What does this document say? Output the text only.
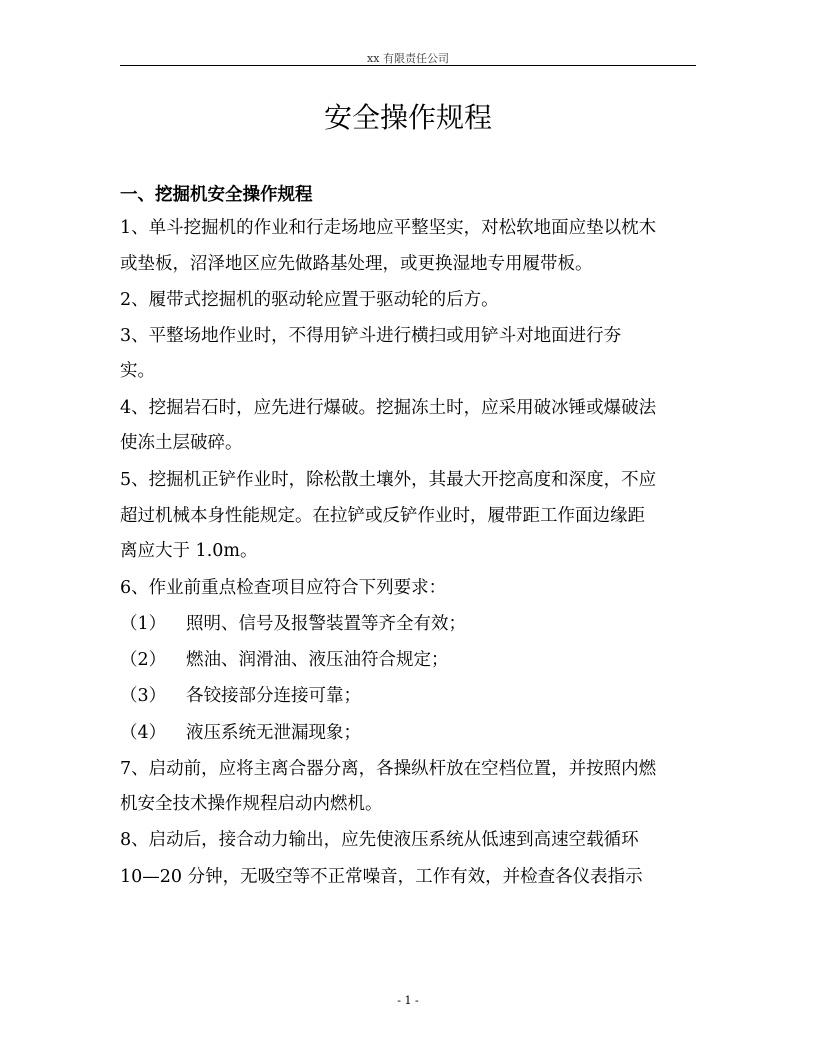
xx 有限责任公司
安全操作规程
一、挖掘机安全操作规程
1、单斗挖掘机的作业和行走场地应平整坚实，对松软地面应垫以枕木
或垫板，沼泽地区应先做路基处理，或更换湿地专用履带板。
2、履带式挖掘机的驱动轮应置于驱动轮的后方。
3、平整场地作业时，不得用铲斗进行横扫或用铲斗对地面进行夯
实。
4、挖掘岩石时，应先进行爆破。挖掘冻土时，应采用破冰锤或爆破法
使冻土层破碎。
5、挖掘机正铲作业时，除松散土壤外，其最大开挖高度和深度，不应
超过机械本身性能规定。在拉铲或反铲作业时，履带距工作面边缘距
离应大于 1.0m。
6、作业前重点检查项目应符合下列要求：
（1） 照明、信号及报警装置等齐全有效；
（2） 燃油、润滑油、液压油符合规定；
（3） 各铰接部分连接可靠；
（4） 液压系统无泄漏现象；
7、启动前，应将主离合器分离，各操纵杆放在空档位置，并按照内燃
机安全技术操作规程启动内燃机。
8、启动后，接合动力输出，应先使液压系统从低速到高速空载循环
10—20 分钟，无吸空等不正常噪音，工作有效，并检查各仪表指示
- 1 -
